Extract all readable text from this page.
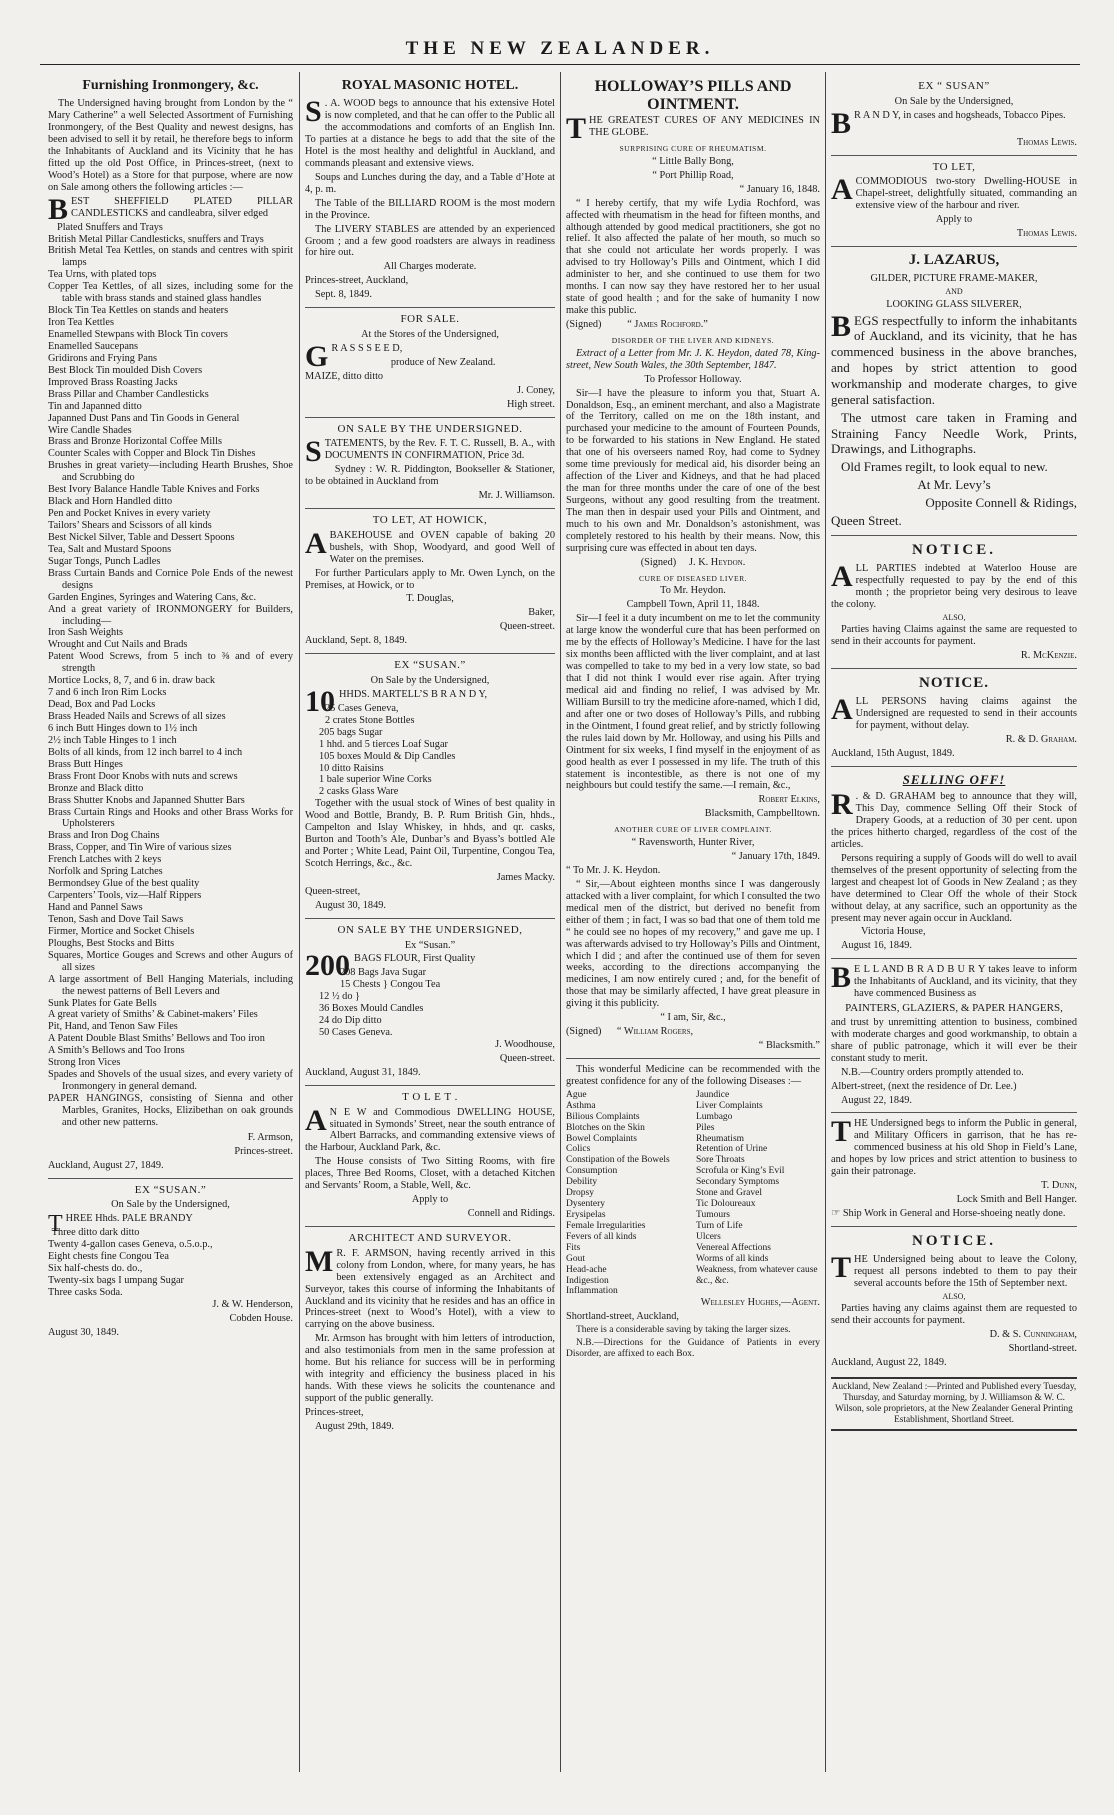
THE NEW ZEALANDER.
Furnishing Ironmongery, &c.

The Undersigned having brought from London by the “ Mary Catherine” a well Selected Assortment of Furnishing Ironmongery, of the Best Quality and newest designs, has been advised to sell it by retail, he therefore begs to inform the Inhabitants of Auckland and its Vicinity that he has fitted up the old Post Office, in Princes-street, (next to Wood’s Hotel) as a Store for that purpose, where are now on Sale among others the following articles :—

BEST SHEFFIELD PLATED PILLAR CANDLESTICKS and candleabra, silver edged

Plated Snuffers and Trays

British Metal Pillar Candlesticks, snuffers and Trays

British Metal Tea Kettles, on stands and centres with spirit lamps

Tea Urns, with plated tops

Copper Tea Kettles, of all sizes, including some for the table with brass stands and stained glass handles

Block Tin Tea Kettles on stands and heaters

Iron Tea Kettles

Enamelled Stewpans with Block Tin covers

Enamelled Saucepans

Gridirons and Frying Pans

Best Block Tin moulded Dish Covers

Improved Brass Roasting Jacks

Brass Pillar and Chamber Candlesticks

Tin and Japanned ditto

Japanned Dust Pans and Tin Goods in General

Wire Candle Shades

Brass and Bronze Horizontal Coffee Mills

Counter Scales with Copper and Block Tin Dishes

Brushes in great variety—including Hearth Brushes, Shoe and Scrubbing do

Best Ivory Balance Handle Table Knives and Forks

Black and Horn Handled ditto

Pen and Pocket Knives in every variety

Tailors’ Shears and Scissors of all kinds

Best Nickel Silver, Table and Dessert Spoons

Tea, Salt and Mustard Spoons

Sugar Tongs, Punch Ladles

Brass Curtain Bands and Cornice Pole Ends of the newest designs

Garden Engines, Syringes and Watering Cans, &c.

And a great variety of IRONMONGERY for Builders, including—

Iron Sash Weights

Wrought and Cut Nails and Brads

Patent Wood Screws, from 5 inch to ⅜ and of every strength

Mortice Locks, 8, 7, and 6 in. draw back

7 and 6 inch Iron Rim Locks

Dead, Box and Pad Locks

Brass Headed Nails and Screws of all sizes

6 inch Butt Hinges down to 1½ inch

2½ inch Table Hinges to 1 inch

Bolts of all kinds, from 12 inch barrel to 4 inch

Brass Butt Hinges

Brass Front Door Knobs with nuts and screws

Bronze and Black ditto

Brass Shutter Knobs and Japanned Shutter Bars

Brass Curtain Rings and Hooks and other Brass Works for Upholsterers

Brass and Iron Dog Chains

Brass, Copper, and Tin Wire of various sizes

French Latches with 2 keys

Norfolk and Spring Latches

Bermondsey Glue of the best quality

Carpenters’ Tools, viz—Half Rippers

Hand and Pannel Saws

Tenon, Sash and Dove Tail Saws

Firmer, Mortice and Socket Chisels

Ploughs, Best Stocks and Bitts

Squares, Mortice Gouges and Screws and other Augurs of all sizes

A large assortment of Bell Hanging Materials, including the newest patterns of Bell Levers and

Sunk Plates for Gate Bells

A great variety of Smiths’ & Cabinet-makers’ Files

Pit, Hand, and Tenon Saw Files

A Patent Double Blast Smiths’ Bellows and Too iron

A Smith’s Bellows and Too Irons

Strong Iron Vices

Spades and Shovels of the usual sizes, and every variety of Ironmongery in general demand.

PAPER HANGINGS, consisting of Sienna and other Marbles, Granites, Hocks, Elizibethan on oak grounds and other new patterns.

F. Armson,

Princes-street.

Auckland, August 27, 1849.

EX “SUSAN.”

On Sale by the Undersigned,

THREE Hhds. PALE BRANDY

Three ditto dark ditto

Twenty 4-gallon cases Geneva, o.5.o.p.,

Eight chests fine Congou Tea

Six half-chests do. do.,

Twenty-six bags I umpang Sugar

Three casks Soda.

J. & W. Henderson,

Cobden House.

August 30, 1849.

ROYAL MASONIC HOTEL.

S . A. WOOD begs to announce that his extensive Hotel is now completed, and that he can offer to the Public all the accommodations and comforts of an English Inn. To parties at a distance he begs to add that the site of the Hotel is the most healthy and delightful in Auckland, and commands pleasant and extensive views.

Soups and Lunches during the day, and a Table d’Hote at 4, p. m.

The Table of the BILLIARD ROOM is the most modern in the Province.

The LIVERY STABLES are attended by an experienced Groom ; and a few good roadsters are always in readiness for hire out.

All Charges moderate.

Princes-street, Auckland,

Sept. 8, 1849.

FOR SALE.

At the Stores of the Undersigned,

G R A S S S E E D,

produce of New Zealand.

MAIZE, ditto ditto

J. Coney,

High street.

ON SALE BY THE UNDERSIGNED.

STATEMENTS, by the Rev. F. T. C. Russell, B. A., with DOCUMENTS IN CONFIRMATION, Price 3d.

Sydney : W. R. Piddington, Bookseller & Stationer, to be obtained in Auckland from

Mr. J. Williamson.

TO LET, AT HOWICK,

A BAKEHOUSE and OVEN capable of baking 20 bushels, with Shop, Woodyard, and good Well of Water on the premises.

For further Particulars apply to Mr. Owen Lynch, on the Premises, at Howick, or to

T. Douglas,

Baker,

Queen-street.

Auckland, Sept. 8, 1849.

EX “SUSAN.”

On Sale by the Undersigned,

10 HHDS. MARTELL’S B R A N D Y,

25 Cases Geneva,

2 crates Stone Bottles

205 bags Sugar

1 hhd. and 5 tierces Loaf Sugar

105 boxes Mould & Dip Candles

10 ditto Raisins

1 bale superior Wine Corks

2 casks Glass Ware

Together with the usual stock of Wines of best quality in Wood and Bottle, Brandy, B. P. Rum British Gin, hhds., Campelton and Islay Whiskey, in hhds, and qr. casks, Burton and Tooth’s Ale, Dunbar’s and Byass’s bottled Ale and Porter ; White Lead, Paint Oil, Turpentine, Congou Tea, Scotch Herrings, &c., &c.

James Macky.

Queen-street,

August 30, 1849.

ON SALE BY THE UNDERSIGNED,

Ex “Susan.”

200 BAGS FLOUR, First Quality

208 Bags Java Sugar

15 Chests } Congou Tea

12 ½ do }

36 Boxes Mould Candles

24 do Dip ditto

50 Cases Geneva.

J. Woodhouse,

Queen-street.

Auckland, August 31, 1849.

T O L E T .

A N E W and Commodious DWELLING HOUSE, situated in Symonds’ Street, near the south entrance of Albert Barracks, and commanding extensive views of the Harbour, Auckland Park, &c.

The House consists of Two Sitting Rooms, with fire places, Three Bed Rooms, Closet, with a detached Kitchen and Servants’ Room, a Stable, Well, &c.

Apply to

Connell and Ridings.

ARCHITECT AND SURVEYOR.

M R. F. ARMSON, having recently arrived in this colony from London, where, for many years, he has been extensively engaged as an Architect and Surveyor, takes this course of informing the Inhabitants of Auckland and its vicinity that he resides and has an office in Princes-street (next to Wood’s Hotel), with a view to carrying on the above business.

Mr. Armson has brought with him letters of introduction, and also testimonials from men in the same profession at home. But his reliance for success will be in performing with integrity and efficiency the business placed in his hands. With these views he solicits the countenance and support of the public generally.

Princes-street,

August 29th, 1849.

HOLLOWAY’S PILLS AND OINTMENT.

THE GREATEST CURES OF ANY MEDICINES IN THE GLOBE.

SURPRISING CURE OF RHEUMATISM.

“ Little Bally Bong,

“ Port Phillip Road,

“ January 16, 1848.

“ I hereby certify, that my wife Lydia Rochford, was affected with rheumatism in the head for fifteen months, and although attended by good medical practitioners, she got no relief. It also affected the palate of her mouth, so much so that she could not articulate her words properly. I was advised to try Holloway’s Pills and Ointment, which I did administer to her, and she continued to use them for two months. I can now say they have restored her to her usual state of good health ; and for the sake of humanity I now make this public.

(Signed)	“ James Rochford.”

DISORDER OF THE LIVER AND KIDNEYS.

Extract of a Letter from Mr. J. K. Heydon, dated 78, King-street, New South Wales, the 30th September, 1847.

To Professor Holloway.

Sir—I have the pleasure to inform you that, Stuart A. Donaldson, Esq., an eminent merchant, and also a Magistrate of the Territory, called on me on the 18th instant, and purchased your medicine to the amount of Fourteen Pounds, to be forwarded to his stations in New England. He stated that one of his overseers named Roy, had come to Sydney some time previously for medical aid, his disorder being an affection of the Liver and Kidneys, and that he had placed the man for three months under the care of one of the best Surgeons, without any good resulting from the treatment. The man then in despair used your Pills and Ointment, and much to his own and Mr. Donaldson’s astonishment, was completely restored to his health by their means. Now, this surprising cure was effected in about ten days.

(Signed) J. K. Heydon.

CURE OF DISEASED LIVER.

To Mr. Heydon.

Campbell Town, April 11, 1848.

Sir—I feel it a duty incumbent on me to let the community at large know the wonderful cure that has been performed on me by the effects of Holloway’s Medicine. I have for the last six months been afflicted with the liver complaint, and at last was compelled to take to my bed in a very low state, so bad that I did not think I would ever rise again. After trying medical aid and finding no relief, I was advised by Mr. William Bursill to try the medicine afore-named, which I did, and after one or two doses of Holloway’s Pills, and rubbing in the Ointment, I found great relief, and by strictly following the rules laid down by Mr. Holloway, and using his Pills and Ointment for six weeks, I find myself in the enjoyment of as good health as ever I possessed in my life. The truth of this statement is incontestible, as there is not one of my neighbours but could testify the same.—I remain, &c.,

Robert Elkins,

Blacksmith, Campbelltown.

ANOTHER CURE OF LIVER COMPLAINT.

“ Ravensworth, Hunter River,

“ January 17th, 1849.

“ To Mr. J. K. Heydon.

“ Sir,—About eighteen months since I was dangerously attacked with a liver complaint, for which I consulted the two medical men of the district, but derived no benefit from either of them ; in fact, I was so bad that one of them told me “ he could see no hopes of my recovery,” and gave me up. I was afterwards advised to try Holloway’s Pills and Ointment, which I did ; and after the continued use of them for seven weeks, according to the directions accompanying the medicines, I am now entirely cured ; and, for the benefit of those that may be similarly affected, I have great pleasure in giving it this publicity.

“ I am, Sir, &c.,

(Signed) “ William Rogers,

“ Blacksmith.”

This wonderful Medicine can be recommended with the greatest confidence for any of the following Diseases :—

Ague

Asthma

Bilious Complaints

Blotches on the Skin

Bowel Complaints

Colics

Constipation of the Bowels

Consumption

Debility

Dropsy

Dysentery

Erysipelas

Female Irregularities

Fevers of all kinds

Fits

Gout

Head-ache

Indigestion

Inflammation

Jaundice

Liver Complaints

Lumbago

Piles

Rheumatism

Retention of Urine

Sore Throats

Scrofula or King’s Evil

Secondary Symptoms

Stone and Gravel

Tic Doloureaux

Tumours

Turn of Life

Ulcers

Venereal Affections

Worms of all kinds

Weakness, from whatever cause

&c., &c.

Wellesley Hughes,—Agent.

Shortland-street, Auckland,

There is a considerable saving by taking the larger sizes.

N.B.—Directions for the Guidance of Patients in every Disorder, are affixed to each Box.

EX “ SUSAN”

On Sale by the Undersigned,

B R A N D Y, in cases and hogsheads, Tobacco Pipes.

Thomas Lewis.

TO LET,

A COMMODIOUS two-story Dwelling-HOUSE in Chapel-street, delightfully situated, commanding an extensive view of the harbour and river.

Apply to

Thomas Lewis.

J. LAZARUS,

GILDER, PICTURE FRAME-MAKER,

AND

LOOKING GLASS SILVERER,

BEGS respectfully to inform the inhabitants of Auckland, and its vicinity, that he has commenced business in the above branches, and hopes by strict attention to good workmanship and moderate charges, to give general satisfaction.

The utmost care taken in Framing and Straining Fancy Needle Work, Prints, Drawings, and Lithographs.

Old Frames regilt, to look equal to new.

At Mr. Levy’s

Opposite Connell & Ridings,

Queen Street.

NOTICE.

ALL PARTIES indebted at Waterloo House are respectfully requested to pay by the end of this month ; the proprietor being very desirous to leave the colony.

ALSO,

Parties having Claims against the same are requested to send in their accounts for payment.

R. McKenzie.

NOTICE.

ALL PERSONS having claims against the Undersigned are requested to send in their accounts for payment, without delay.

R. & D. Graham.

Auckland, 15th August, 1849.

SELLING OFF!

R . & D. GRAHAM beg to announce that they will, This Day, commence Selling Off their Stock of Drapery Goods, at a reduction of 30 per cent. upon the prices hitherto charged, regardless of the cost of the articles.

Persons requiring a supply of Goods will do well to avail themselves of the present opportunity of selecting from the largest and cheapest lot of Goods in New Zealand ; as they have determined to Clear Off the whole of their Stock without delay, at any sacrifice, such an opportunity as the present may never again occur in Auckland.

Victoria House,

August 16, 1849.

B E L L AND B R A D B U R Y takes leave to inform the Inhabitants of Auckland, and its vicinity, that they have commenced Business as

PAINTERS, GLAZIERS, & PAPER HANGERS,

and trust by unremitting attention to business, combined with moderate charges and good workmanship, to obtain a share of public patronage, which it will ever be their constant study to merit.

N.B.—Country orders promptly attended to.

Albert-street, (next the residence of Dr. Lee.)

August 22, 1849.

THE Undersigned begs to inform the Public in general, and Military Officers in garrison, that he has re-commenced business at his old Shop in Field’s Lane, and hopes by low prices and strict attention to business to gain their patronage.

T. Dunn,

Lock Smith and Bell Hanger.

☞ Ship Work in General and Horse-shoeing neatly done.

NOTICE.

THE Undersigned being about to leave the Colony, request all persons indebted to them to pay their several accounts before the 15th of September next.

ALSO,

Parties having any claims against them are requested to send their accounts for payment.

D. & S. Cunningham,

Shortland-street.

Auckland, August 22, 1849.

Auckland, New Zealand :—Printed and Published every Tuesday, Thursday, and Saturday morning, by J. Williamson & W. C. Wilson, sole proprietors, at the New Zealander General Printing Establishment, Shortland Street.
